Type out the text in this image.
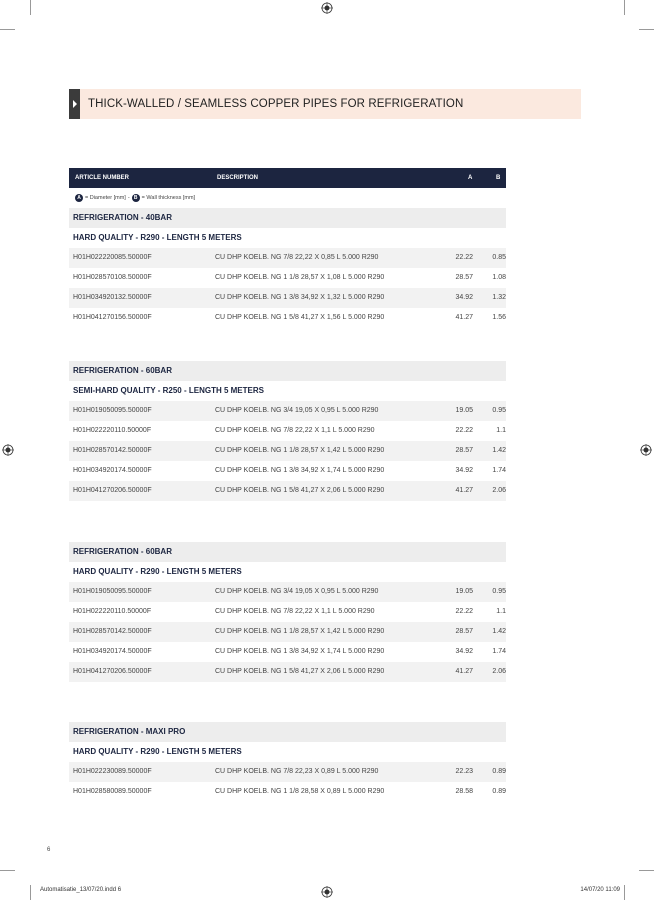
THICK-WALLED / SEAMLESS COPPER PIPES FOR REFRIGERATION
ARTICLE NUMBER	DESCRIPTION	A	B
A = Diameter [mm] - B = Wall thickness [mm]
REFRIGERATION - 40BAR
HARD QUALITY - R290 - LENGTH 5 METERS
H01H022220085.50000F	CU DHP KOELB. NG 7/8 22,22 X 0,85 L 5.000 R290	22.22	0.85
H01H028570108.50000F	CU DHP KOELB. NG 1 1/8 28,57 X 1,08 L 5.000 R290	28.57	1.08
H01H034920132.50000F	CU DHP KOELB. NG 1 3/8 34,92 X 1,32 L 5.000 R290	34.92	1.32
H01H041270156.50000F	CU DHP KOELB. NG 1 5/8 41,27 X 1,56 L 5.000 R290	41.27	1.56
REFRIGERATION - 60BAR
SEMI-HARD QUALITY - R250 - LENGTH 5 METERS
H01H019050095.50000F	CU DHP KOELB. NG 3/4 19,05 X 0,95 L 5.000 R290	19.05	0.95
H01H022220110.50000F	CU DHP KOELB. NG 7/8 22,22 X 1,1 L 5.000 R290	22.22	1.1
H01H028570142.50000F	CU DHP KOELB. NG 1 1/8 28,57 X 1,42 L 5.000 R290	28.57	1.42
H01H034920174.50000F	CU DHP KOELB. NG 1 3/8 34,92 X 1,74 L 5.000 R290	34.92	1.74
H01H041270206.50000F	CU DHP KOELB. NG 1 5/8 41,27 X 2,06 L 5.000 R290	41.27	2.06
REFRIGERATION - 60BAR
HARD QUALITY - R290 - LENGTH 5 METERS
H01H019050095.50000F	CU DHP KOELB. NG 3/4 19,05 X 0,95 L 5.000 R290	19.05	0.95
H01H022220110.50000F	CU DHP KOELB. NG 7/8 22,22 X 1,1 L 5.000 R290	22.22	1.1
H01H028570142.50000F	CU DHP KOELB. NG 1 1/8 28,57 X 1,42 L 5.000 R290	28.57	1.42
H01H034920174.50000F	CU DHP KOELB. NG 1 3/8 34,92 X 1,74 L 5.000 R290	34.92	1.74
H01H041270206.50000F	CU DHP KOELB. NG 1 5/8 41,27 X 2,06 L 5.000 R290	41.27	2.06
REFRIGERATION - MAXI PRO
HARD QUALITY - R290 - LENGTH 5 METERS
H01H022230089.50000F	CU DHP KOELB. NG 7/8 22,23 X 0,89 L 5.000 R290	22.23	0.89
H01H028580089.50000F	CU DHP KOELB. NG 1 1/8 28,58 X 0,89 L 5.000 R290	28.58	0.89
6
Automatisatie_13/07/20.indd 6	14/07/20 11:09
